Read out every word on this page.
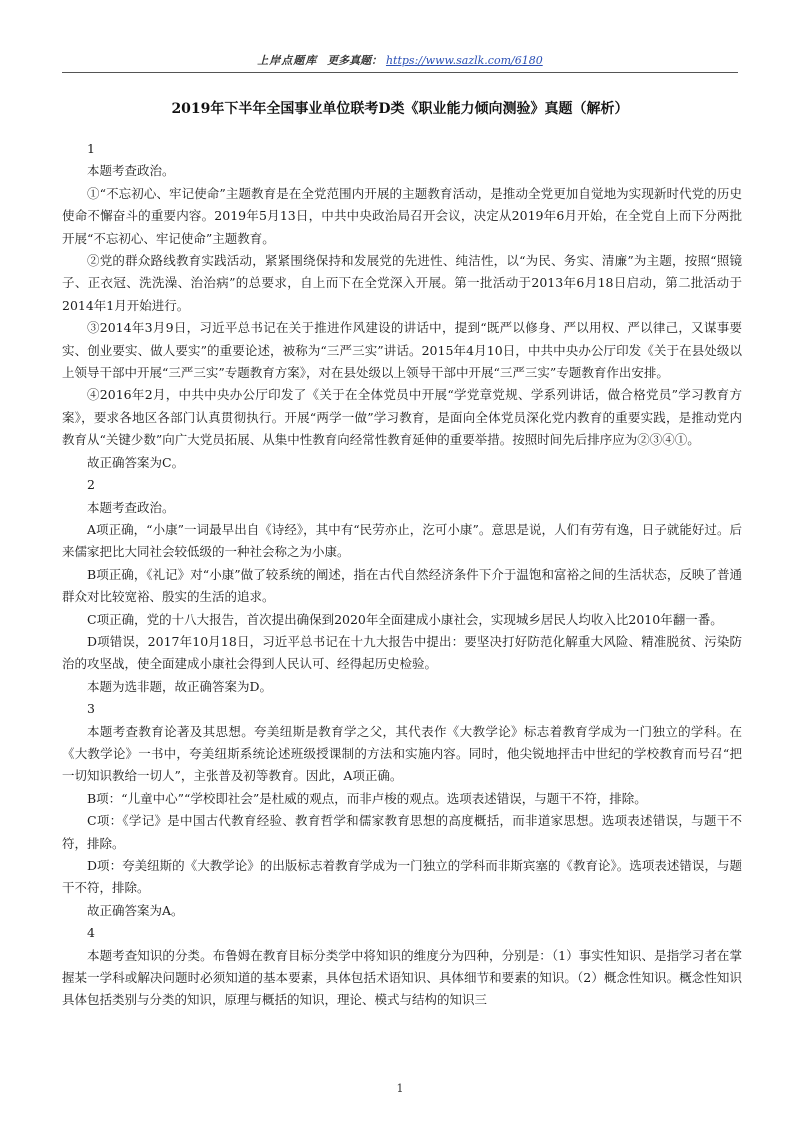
上岸点题库 更多真题： https://www.sazlk.com/6180
2019年下半年全国事业单位联考D类《职业能力倾向测验》真题（解析）

1

本题考查政治。

①“不忘初心、牢记使命”主题教育是在全党范围内开展的主题教育活动，是推动全党更加自觉地为实现新时代党的历史使命不懈奋斗的重要内容。2019年5月13日，中共中央政治局召开会议，决定从2019年6月开始，在全党自上而下分两批开展“不忘初心、牢记使命”主题教育。

②党的群众路线教育实践活动，紧紧围绕保持和发展党的先进性、纯洁性，以“为民、务实、清廉”为主题，按照“照镜子、正衣冠、洗洗澡、治治病”的总要求，自上而下在全党深入开展。第一批活动于2013年6月18日启动，第二批活动于2014年1月开始进行。

③2014年3月9日，习近平总书记在关于推进作风建设的讲话中，提到“既严以修身、严以用权、严以律己，又谋事要实、创业要实、做人要实”的重要论述，被称为“三严三实”讲话。2015年4月10日，中共中央办公厅印发《关于在县处级以上领导干部中开展“三严三实”专题教育方案》，对在县处级以上领导干部中开展“三严三实”专题教育作出安排。

④2016年2月，中共中央办公厅印发了《关于在全体党员中开展“学党章党规、学系列讲话，做合格党员”学习教育方案》，要求各地区各部门认真贯彻执行。开展“两学一做”学习教育，是面向全体党员深化党内教育的重要实践，是推动党内教育从“关键少数”向广大党员拓展、从集中性教育向经常性教育延伸的重要举措。按照时间先后排序应为②③④①。

故正确答案为C。

2

本题考查政治。

A项正确，“小康”一词最早出自《诗经》，其中有“民劳亦止，汔可小康”。意思是说，人们有劳有逸，日子就能好过。后来儒家把比大同社会较低级的一种社会称之为小康。

B项正确，《礼记》对“小康”做了较系统的阐述，指在古代自然经济条件下介于温饱和富裕之间的生活状态，反映了普通群众对比较宽裕、殷实的生活的追求。

C项正确，党的十八大报告，首次提出确保到2020年全面建成小康社会，实现城乡居民人均收入比2010年翻一番。

D项错误，2017年10月18日，习近平总书记在十九大报告中提出：要坚决打好防范化解重大风险、精准脱贫、污染防治的攻坚战，使全面建成小康社会得到人民认可、经得起历史检验。

本题为选非题，故正确答案为D。

3

本题考查教育论著及其思想。夸美纽斯是教育学之父，其代表作《大教学论》标志着教育学成为一门独立的学科。在《大教学论》一书中，夸美纽斯系统论述班级授课制的方法和实施内容。同时，他尖锐地抨击中世纪的学校教育而号召“把一切知识教给一切人”，主张普及初等教育。因此，A项正确。

B项：“儿童中心”“学校即社会”是杜威的观点，而非卢梭的观点。选项表述错误，与题干不符，排除。

C项：《学记》是中国古代教育经验、教育哲学和儒家教育思想的高度概括，而非道家思想。选项表述错误，与题干不符，排除。

D项：夸美纽斯的《大教学论》的出版标志着教育学成为一门独立的学科而非斯宾塞的《教育论》。选项表述错误，与题干不符，排除。

故正确答案为A。

4

本题考查知识的分类。布鲁姆在教育目标分类学中将知识的维度分为四种，分别是：（1）事实性知识、是指学习者在掌握某一学科或解决问题时必须知道的基本要素，具体包括术语知识、具体细节和要素的知识。（2）概念性知识。概念性知识具体包括类别与分类的知识，原理与概括的知识，理论、模式与结构的知识三

1
